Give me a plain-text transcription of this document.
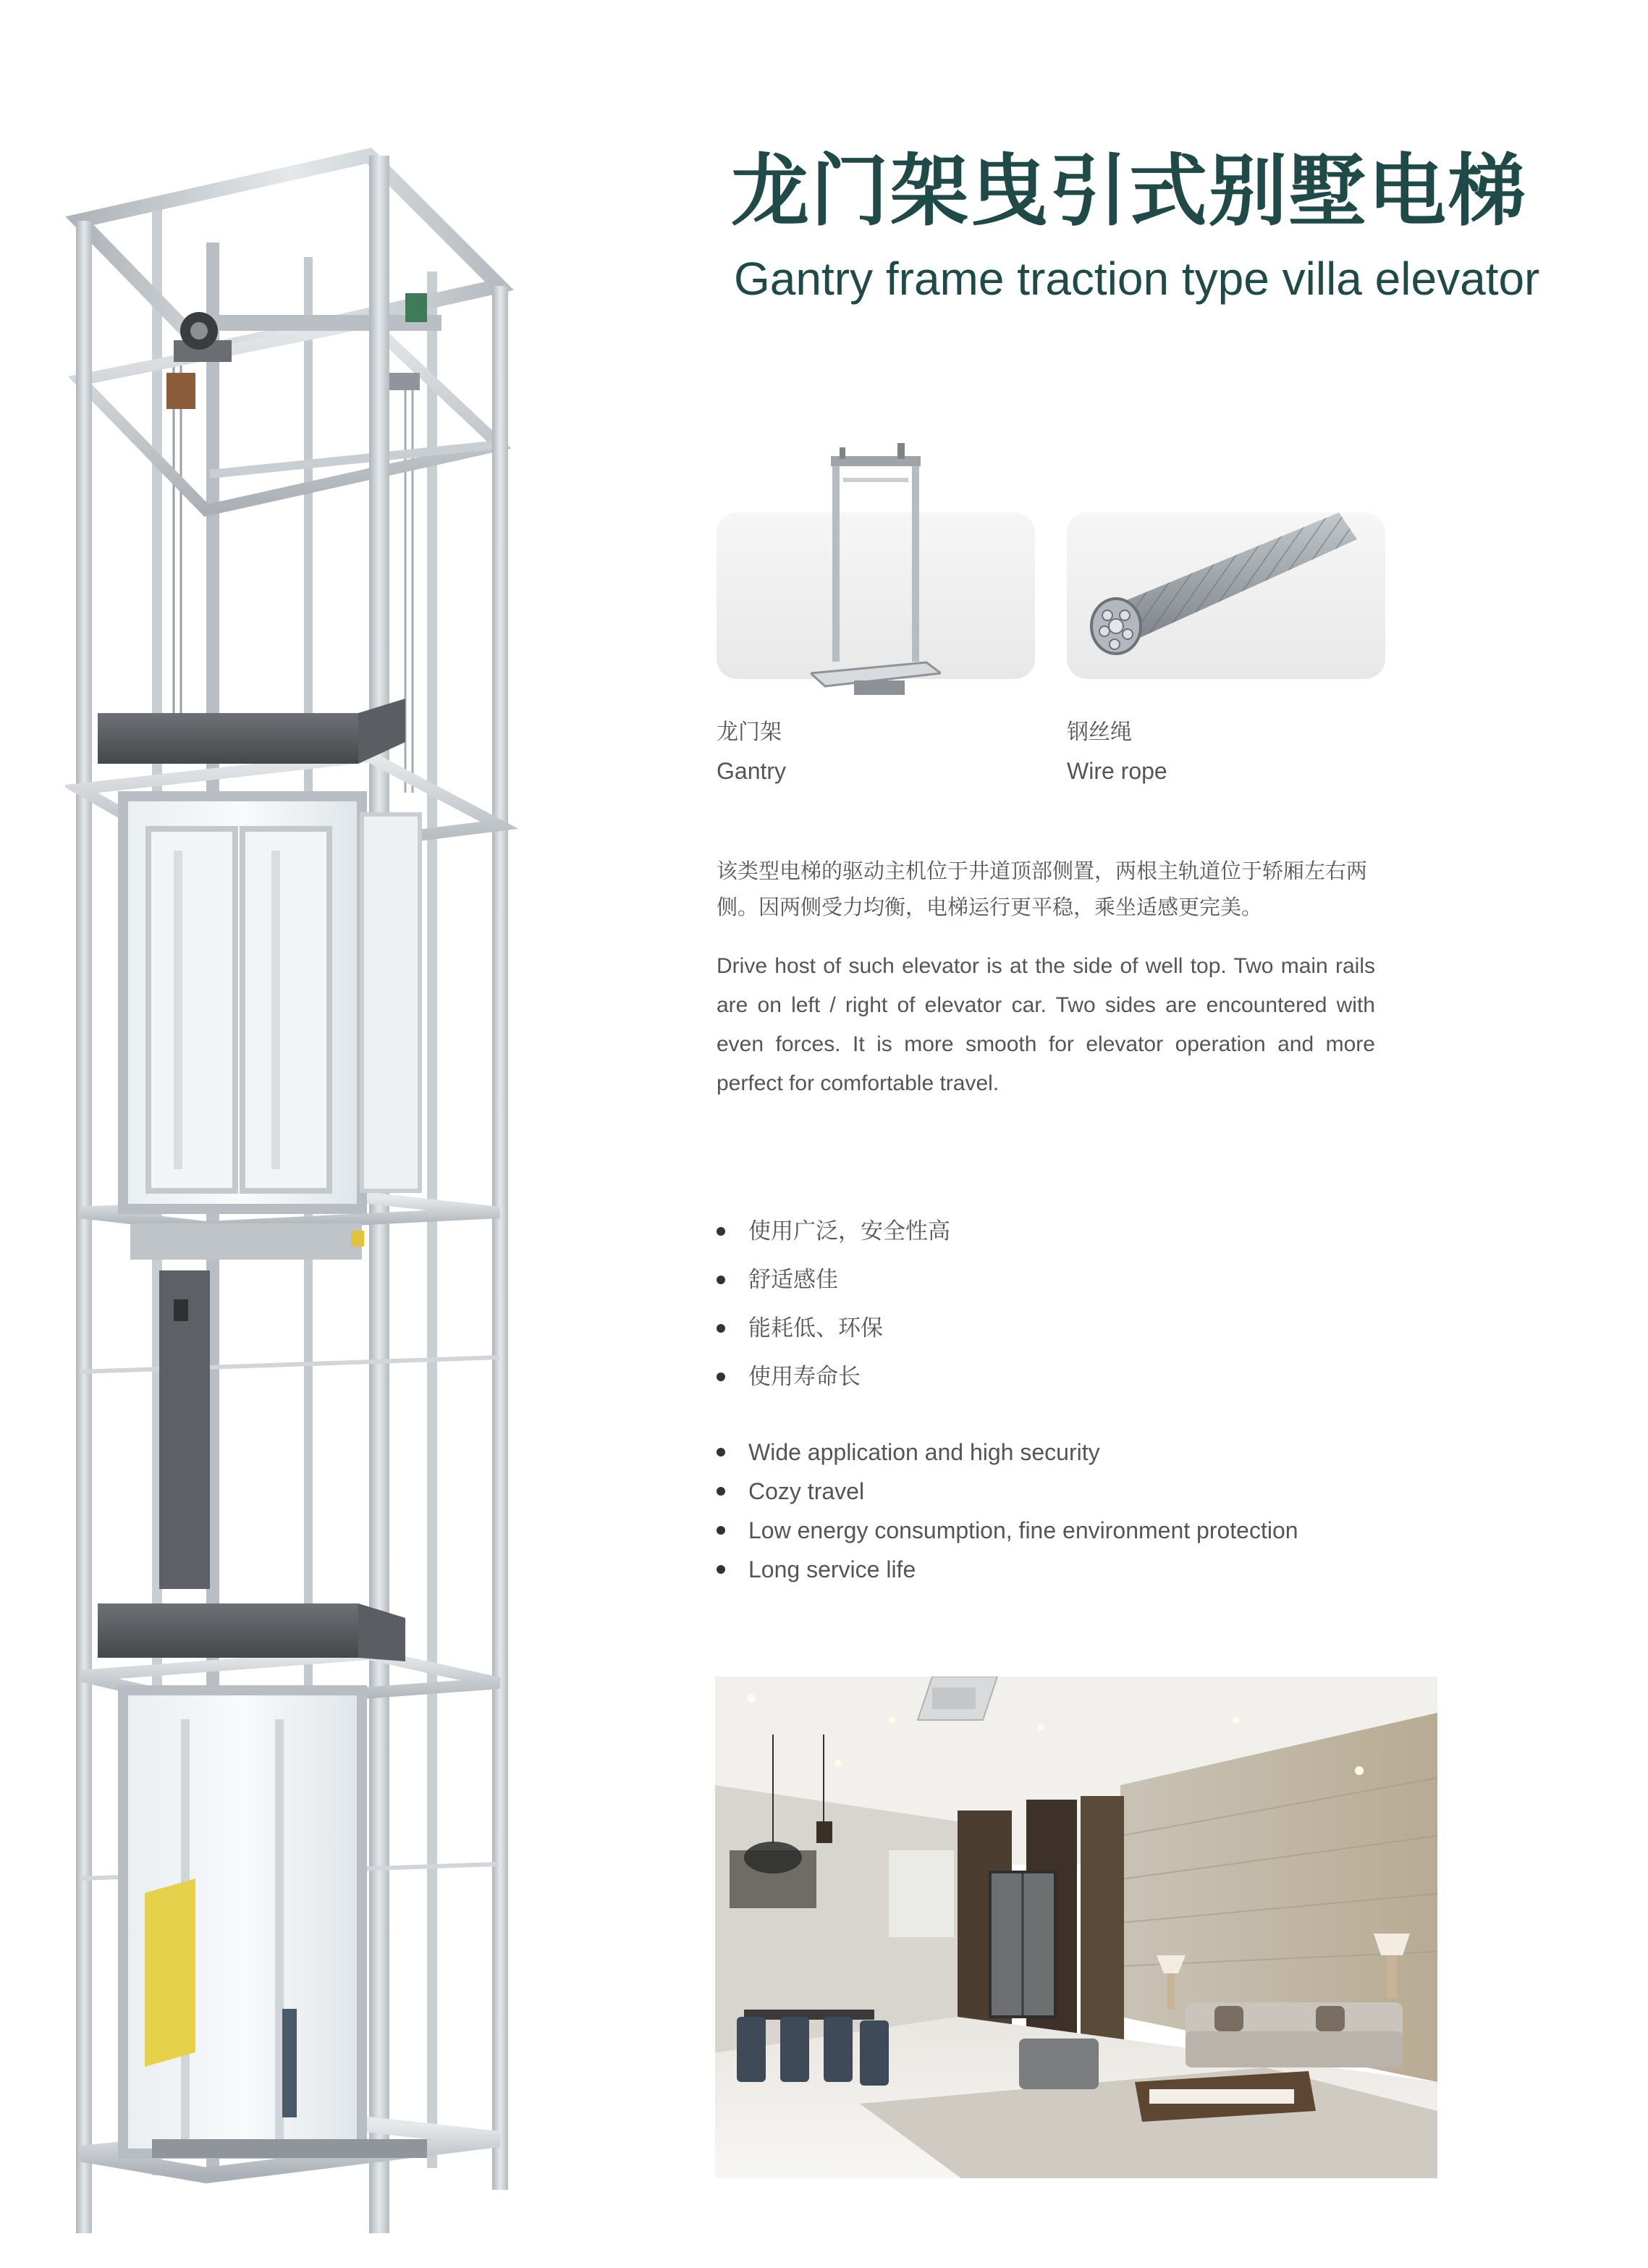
龙门架曳引式别墅电梯
Gantry frame traction type villa elevator
龙门架
Gantry
钢丝绳
Wire rope
该类型电梯的驱动主机位于井道顶部侧置，两根主轨道位于轿厢左右两侧。因两侧受力均衡，电梯运行更平稳，乘坐适感更完美。
Drive host of such elevator is at the side of well top. Two main rails are on left / right of elevator car. Two sides are encountered with even forces. It is more smooth for elevator operation and more perfect for comfortable travel.
使用广泛，安全性高
舒适感佳
能耗低、环保
使用寿命长
Wide application and high security
Cozy travel
Low energy consumption, fine environment protection
Long service life
